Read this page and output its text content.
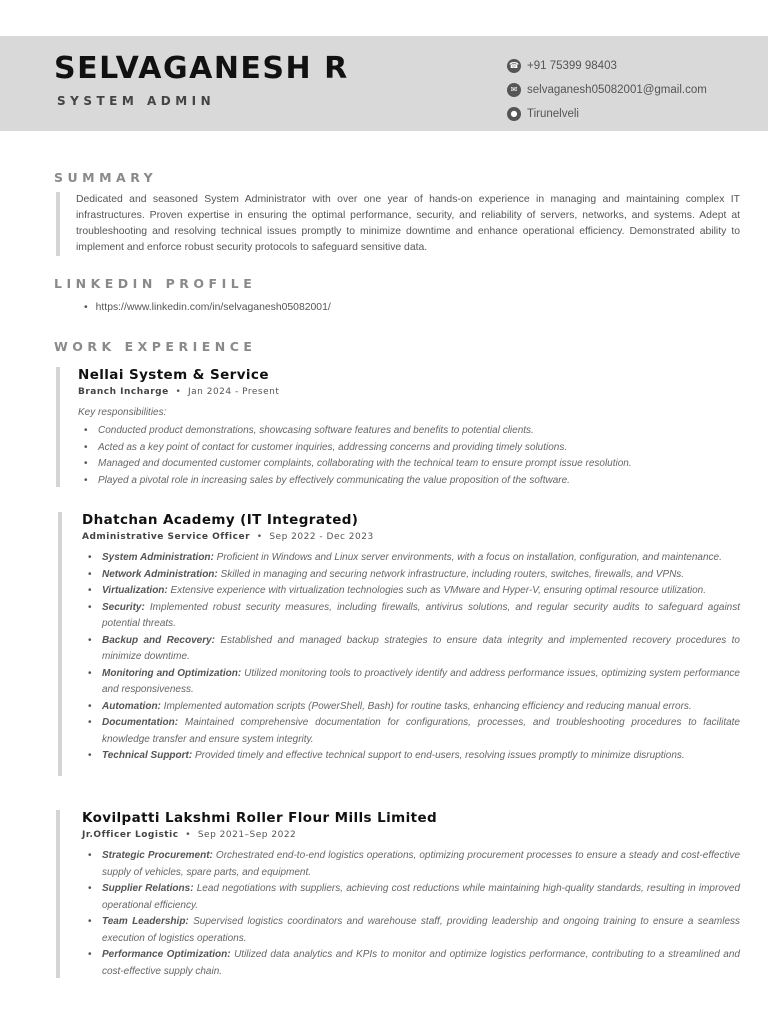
SELVAGANESH R
SYSTEM ADMIN
☎ +91 75399 98403
✉ selvaganesh05082001@gmail.com
● Tirunelveli
SUMMARY

Dedicated and seasoned System Administrator with over one year of hands-on experience in managing and maintaining complex IT infrastructures. Proven expertise in ensuring the optimal performance, security, and reliability of servers, networks, and systems. Adept at troubleshooting and resolving technical issues promptly to minimize downtime and enhance operational efficiency. Demonstrated ability to implement and enforce robust security protocols to safeguard sensitive data.

LINKEDIN PROFILE
• https://www.linkedin.com/in/selvaganesh05082001/
WORK EXPERIENCE
Nellai System & Service
Branch Incharge  •  Jan 2024 - Present
Key responsibilities:
• Conducted product demonstrations, showcasing software features and benefits to potential clients.
• Acted as a key point of contact for customer inquiries, addressing concerns and providing timely solutions.
• Managed and documented customer complaints, collaborating with the technical team to ensure prompt issue resolution.
• Played a pivotal role in increasing sales by effectively communicating the value proposition of the software.
Dhatchan Academy (IT Integrated)
Administrative Service Officer  •  Sep 2022 - Dec 2023
• System Administration: Proficient in Windows and Linux server environments, with a focus on installation, configuration, and maintenance.
• Network Administration: Skilled in managing and securing network infrastructure, including routers, switches, firewalls, and VPNs.
• Virtualization: Extensive experience with virtualization technologies such as VMware and Hyper-V, ensuring optimal resource utilization.
• Security: Implemented robust security measures, including firewalls, antivirus solutions, and regular security audits to safeguard against potential threats.
• Backup and Recovery: Established and managed backup strategies to ensure data integrity and implemented recovery procedures to minimize downtime.
• Monitoring and Optimization: Utilized monitoring tools to proactively identify and address performance issues, optimizing system performance and responsiveness.
• Automation: Implemented automation scripts (PowerShell, Bash) for routine tasks, enhancing efficiency and reducing manual errors.
• Documentation: Maintained comprehensive documentation for configurations, processes, and troubleshooting procedures to facilitate knowledge transfer and ensure system integrity.
• Technical Support: Provided timely and effective technical support to end-users, resolving issues promptly to minimize disruptions.
Kovilpatti Lakshmi Roller Flour Mills Limited
Jr.Officer Logistic  •  Sep 2021–Sep 2022
• Strategic Procurement: Orchestrated end-to-end logistics operations, optimizing procurement processes to ensure a steady and cost-effective supply of vehicles, spare parts, and equipment.
• Supplier Relations: Lead negotiations with suppliers, achieving cost reductions while maintaining high-quality standards, resulting in improved operational efficiency.
• Team Leadership: Supervised logistics coordinators and warehouse staff, providing leadership and ongoing training to ensure a seamless execution of logistics operations.
• Performance Optimization: Utilized data analytics and KPIs to monitor and optimize logistics performance, contributing to a streamlined and cost-effective supply chain.
